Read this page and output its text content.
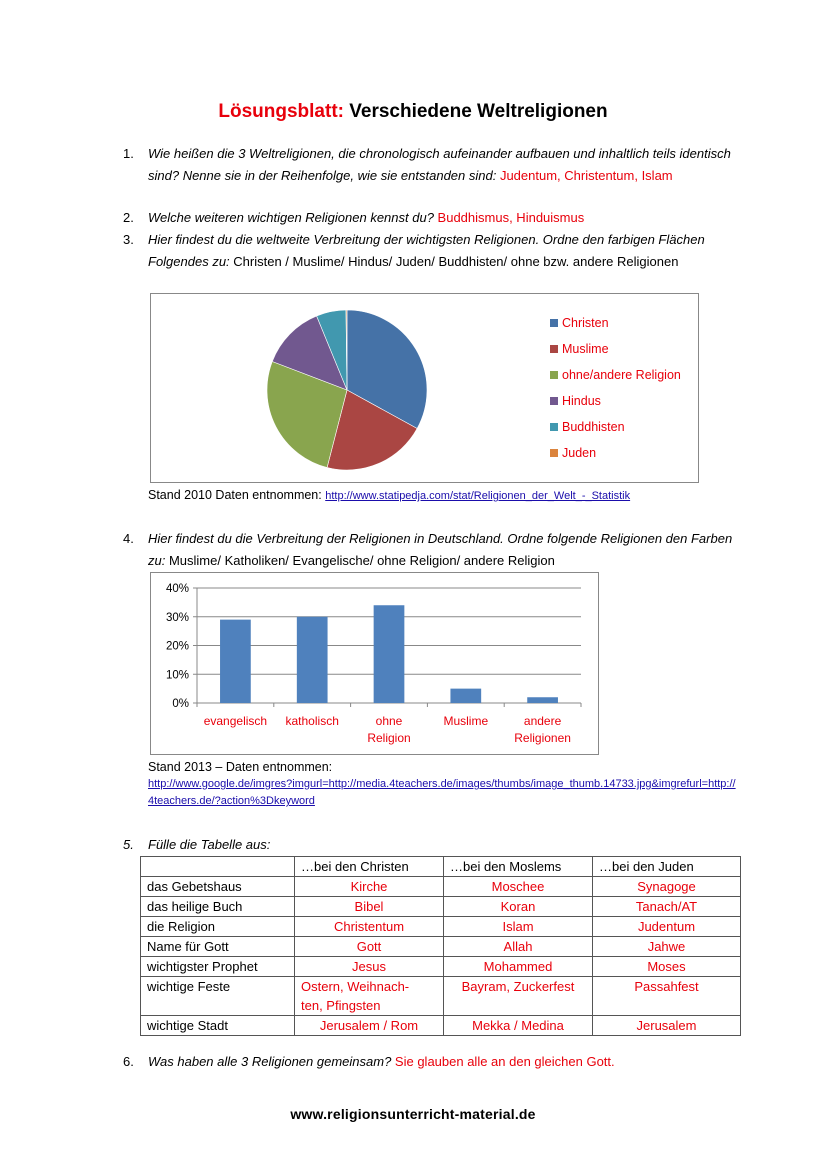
Lösungsblatt: Verschiedene Weltreligionen
1.	Wie heißen die 3 Weltreligionen, die chronologisch aufeinander aufbauen und inhaltlich teils identisch sind? Nenne sie in der Reihenfolge, wie sie entstanden sind: Judentum, Christentum, Islam
2.	Welche weiteren wichtigen Religionen kennst du? Buddhismus, Hinduismus
3.	Hier findest du die weltweite Verbreitung der wichtigsten Religionen. Ordne den farbigen Flächen Folgendes zu: Christen / Muslime/ Hindus/ Juden/ Buddhisten/ ohne bzw. andere Religionen
Christen
Muslime
ohne/andere Religion
Hindus
Buddhisten
Juden
Stand 2010 Daten entnommen: http://www.statipedja.com/stat/Religionen_der_Welt_-_Statistik
4.	Hier findest du die Verbreitung der Religionen in Deutschland. Ordne folgende Religionen den Farben zu: Muslime/ Katholiken/ Evangelische/ ohne Religion/ andere Religion
0%
10%
20%
30%
40%
evangelisch katholisch	ohne
Religion
Muslime	andere
Religionen
Stand 2013 – Daten entnommen:
http://www.google.de/imgres?imgurl=http://media.4teachers.de/images/thumbs/image_thumb.14733.jpg&imgrefurl=http://4teachers.de/?action%3Dkeyword
5.	Fülle die Tabelle aus:
	…bei den Christen	…bei den Moslems	…bei den Juden
das Gebetshaus	Kirche	Moschee	Synagoge
das heilige Buch	Bibel	Koran	Tanach/AT
die Religion	Christentum	Islam	Judentum
Name für Gott	Gott	Allah	Jahwe
wichtigster Prophet	Jesus	Mohammed	Moses
wichtige Feste	Ostern, Weihnach-
ten, Pfingsten	Bayram, Zuckerfest	Passahfest
wichtige Stadt	Jerusalem / Rom	Mekka / Medina	Jerusalem
6.	Was haben alle 3 Religionen gemeinsam? Sie glauben alle an den gleichen Gott.
www.religionsunterricht-material.de
